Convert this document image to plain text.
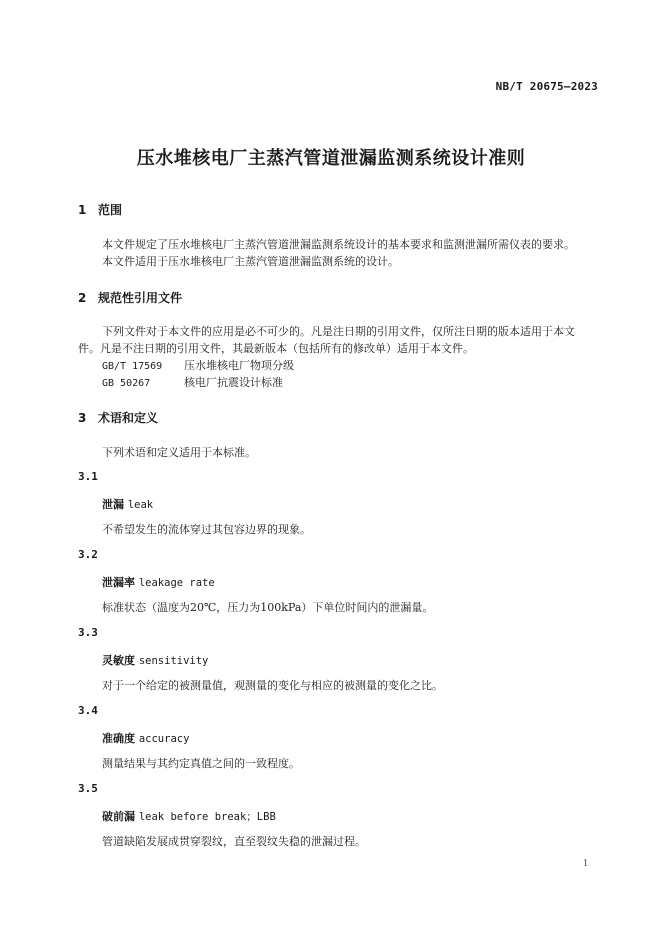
NB/T 20675—2023
压水堆核电厂主蒸汽管道泄漏监测系统设计准则
1 范围
本文件规定了压水堆核电厂主蒸汽管道泄漏监测系统设计的基本要求和监测泄漏所需仪表的要求。
本文件适用于压水堆核电厂主蒸汽管道泄漏监测系统的设计。
2 规范性引用文件
下列文件对于本文件的应用是必不可少的。凡是注日期的引用文件，仅所注日期的版本适用于本文
件。凡是不注日期的引用文件，其最新版本（包括所有的修改单）适用于本文件。
GB/T 17569 压水堆核电厂物项分级
GB 50267	核电厂抗震设计标准
3 术语和定义
下列术语和定义适用于本标准。
3.1
泄漏 leak
不希望发生的流体穿过其包容边界的现象。
3.2
泄漏率 leakage rate
标准状态（温度为20℃，压力为100kPa）下单位时间内的泄漏量。
3.3
灵敏度 sensitivity
对于一个给定的被测量值，观测量的变化与相应的被测量的变化之比。
3.4
准确度 accuracy
测量结果与其约定真值之间的一致程度。
3.5
破前漏 leak before break；LBB
管道缺陷发展成贯穿裂纹，直至裂纹失稳的泄漏过程。
1
